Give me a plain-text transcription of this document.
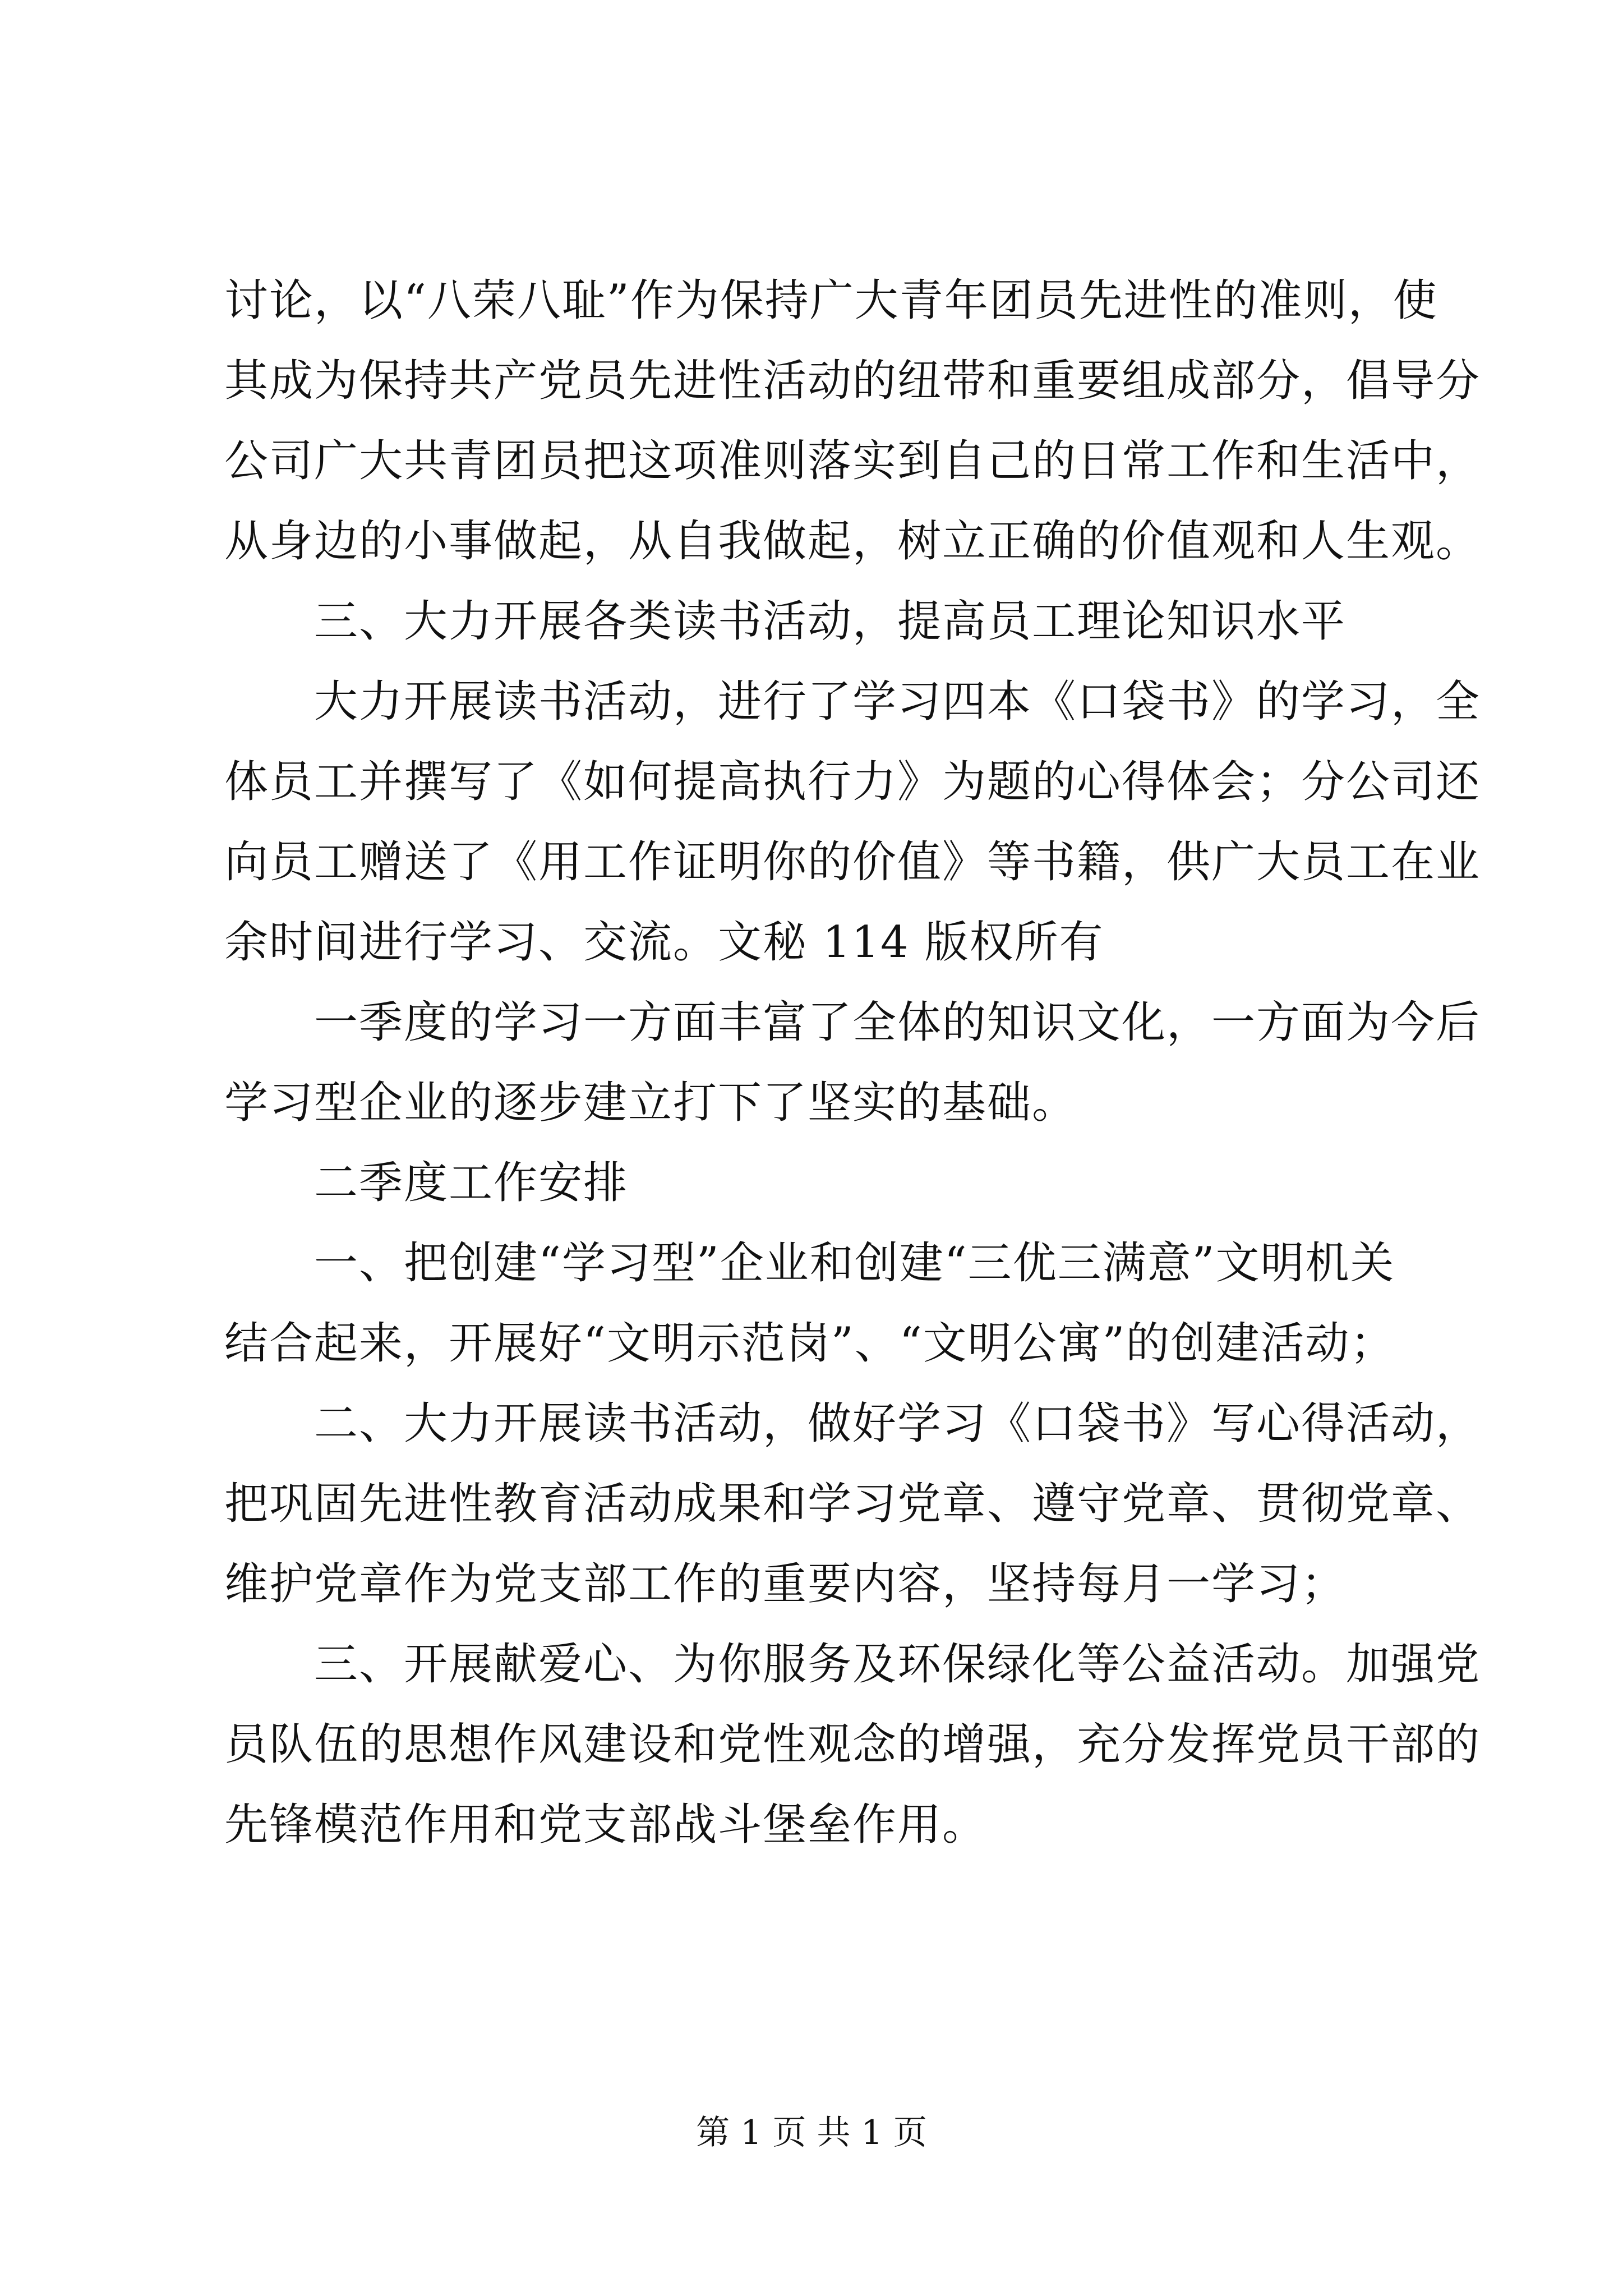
讨论，以“八荣八耻”作为保持广大青年团员先进性的准则，使
其成为保持共产党员先进性活动的纽带和重要组成部分，倡导分
公司广大共青团员把这项准则落实到自己的日常工作和生活中，
从身边的小事做起，从自我做起，树立正确的价值观和人生观。
三、大力开展各类读书活动，提高员工理论知识水平
大力开展读书活动，进行了学习四本《口袋书》的学习，全
体员工并撰写了《如何提高执行力》为题的心得体会；分公司还
向员工赠送了《用工作证明你的价值》等书籍，供广大员工在业
余时间进行学习、交流。文秘 114 版权所有
一季度的学习一方面丰富了全体的知识文化，一方面为今后
学习型企业的逐步建立打下了坚实的基础。
二季度工作安排
一、把创建“学习型”企业和创建“三优三满意”文明机关
结合起来，开展好“文明示范岗”、“文明公寓”的创建活动；
二、大力开展读书活动，做好学习《口袋书》写心得活动，
把巩固先进性教育活动成果和学习党章、遵守党章、贯彻党章、
维护党章作为党支部工作的重要内容，坚持每月一学习；
三、开展献爱心、为你服务及环保绿化等公益活动。加强党
员队伍的思想作风建设和党性观念的增强，充分发挥党员干部的
先锋模范作用和党支部战斗堡垒作用。
第 1 页 共 1 页
